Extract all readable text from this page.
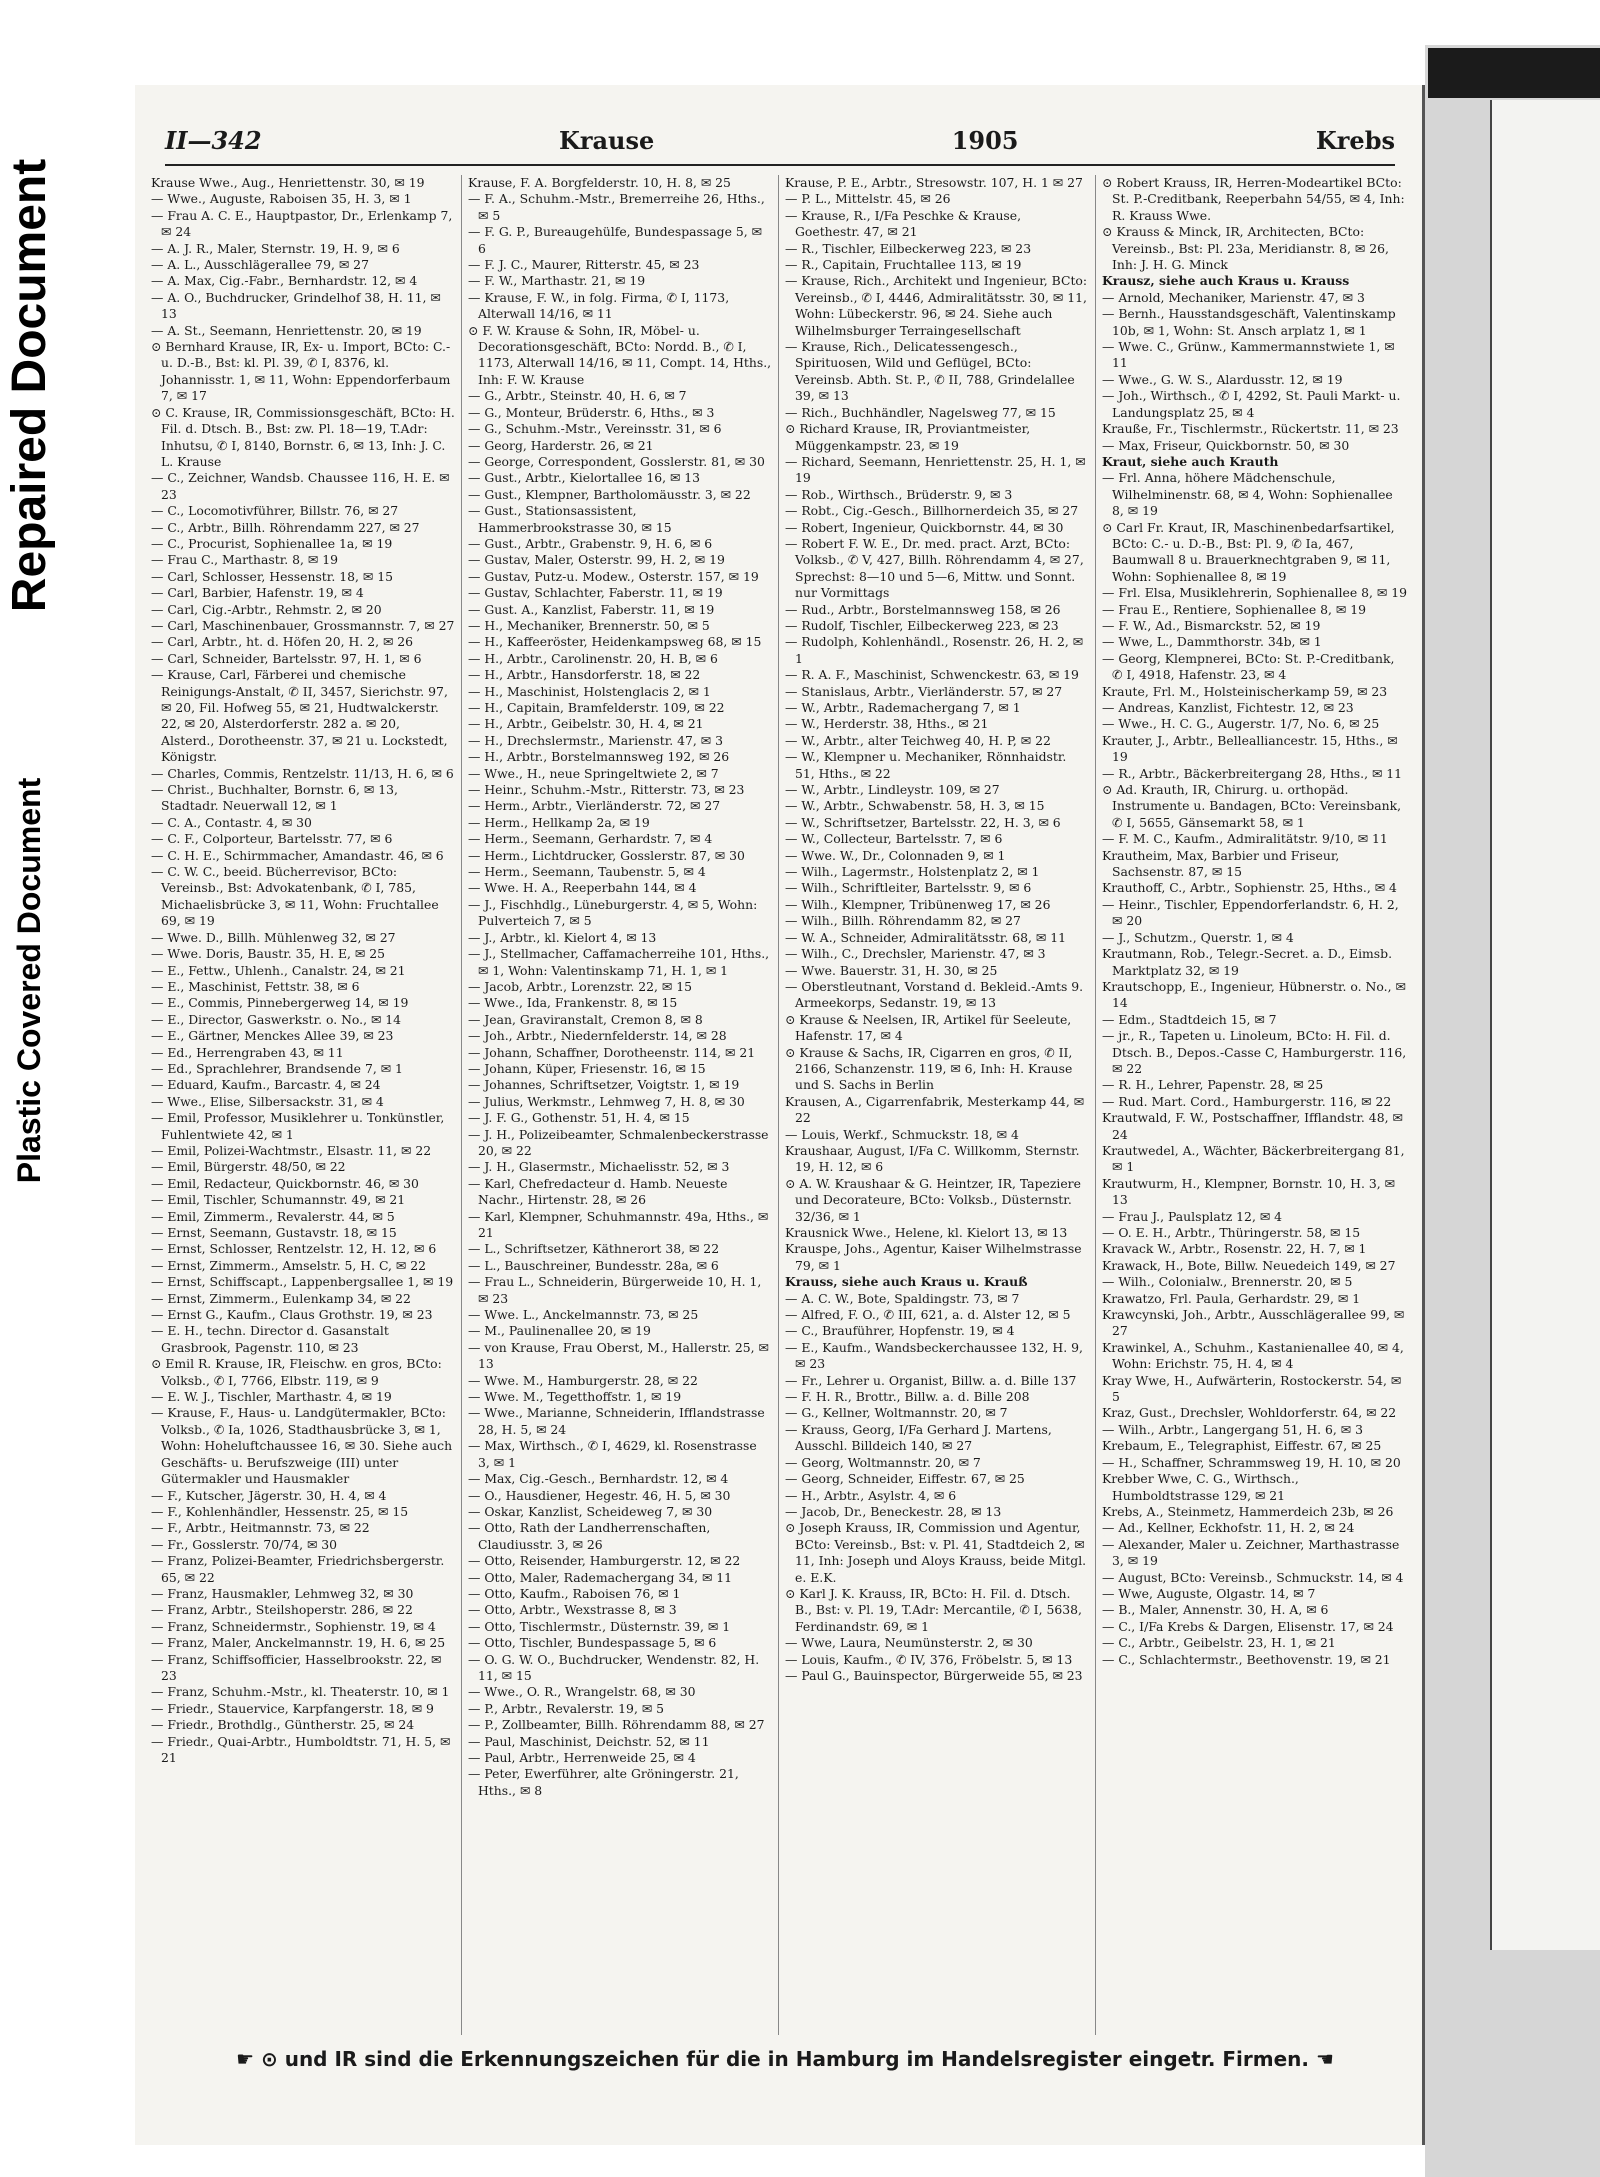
Repaired Document
Plastic Covered Document
II—342	Krause	1905	Krebs

Krause Wwe., Aug., Henriettenstr. 30, ✉ 19

— Wwe., Auguste, Raboisen 35, H. 3, ✉ 1

— Frau A. C. E., Hauptpastor, Dr., Erlenkamp 7, ✉ 24

— A. J. R., Maler, Sternstr. 19, H. 9, ✉ 6

— A. L., Ausschlägerallee 79, ✉ 27

— A. Max, Cig.-Fabr., Bernhardstr. 12, ✉ 4

— A. O., Buchdrucker, Grindelhof 38, H. 11, ✉ 13

— A. St., Seemann, Henriettenstr. 20, ✉ 19

⊙ Bernhard Krause, IR, Ex- u. Import, BCto: C.- u. D.-B., Bst: kl. Pl. 39, ✆ I, 8376, kl. Johannisstr. 1, ✉ 11, Wohn: Eppendorferbaum 7, ✉ 17

⊙ C. Krause, IR, Commissionsgeschäft, BCto: H. Fil. d. Dtsch. B., Bst: zw. Pl. 18—19, T.Adr: Inhutsu, ✆ I, 8140, Bornstr. 6, ✉ 13, Inh: J. C. L. Krause

— C., Zeichner, Wandsb. Chaussee 116, H. E. ✉ 23

— C., Locomotivführer, Billstr. 76, ✉ 27

— C., Arbtr., Billh. Röhrendamm 227, ✉ 27

— C., Procurist, Sophienallee 1a, ✉ 19

— Frau C., Marthastr. 8, ✉ 19

— Carl, Schlosser, Hessenstr. 18, ✉ 15

— Carl, Barbier, Hafenstr. 19, ✉ 4

— Carl, Cig.-Arbtr., Rehmstr. 2, ✉ 20

— Carl, Maschinenbauer, Grossmannstr. 7, ✉ 27

— Carl, Arbtr., ht. d. Höfen 20, H. 2, ✉ 26

— Carl, Schneider, Bartelsstr. 97, H. 1, ✉ 6

— Krause, Carl, Färberei und chemische Reinigungs-Anstalt, ✆ II, 3457, Sierichstr. 97, ✉ 20, Fil. Hofweg 55, ✉ 21, Hudtwalckerstr. 22, ✉ 20, Alsterdorferstr. 282 a. ✉ 20, Alsterd., Dorotheenstr. 37, ✉ 21 u. Lockstedt, Königstr.

— Charles, Commis, Rentzelstr. 11/13, H. 6, ✉ 6

— Christ., Buchhalter, Bornstr. 6, ✉ 13, Stadtadr. Neuerwall 12, ✉ 1

— C. A., Contastr. 4, ✉ 30

— C. F., Colporteur, Bartelsstr. 77, ✉ 6

— C. H. E., Schirmmacher, Amandastr. 46, ✉ 6

— C. W. C., beeid. Bücherrevisor, BCto: Vereinsb., Bst: Advokatenbank, ✆ I, 785, Michaelisbrücke 3, ✉ 11, Wohn: Fruchtallee 69, ✉ 19

— Wwe. D., Billh. Mühlenweg 32, ✉ 27

— Wwe. Doris, Baustr. 35, H. E, ✉ 25

— E., Fettw., Uhlenh., Canalstr. 24, ✉ 21

— E., Maschinist, Fettstr. 38, ✉ 6

— E., Commis, Pinnebergerweg 14, ✉ 19

— E., Director, Gaswerkstr. o. No., ✉ 14

— E., Gärtner, Menckes Allee 39, ✉ 23

— Ed., Herrengraben 43, ✉ 11

— Ed., Sprachlehrer, Brandsende 7, ✉ 1

— Eduard, Kaufm., Barcastr. 4, ✉ 24

— Wwe., Elise, Silbersackstr. 31, ✉ 4

— Emil, Professor, Musiklehrer u. Tonkünstler, Fuhlentwiete 42, ✉ 1

— Emil, Polizei-Wachtmstr., Elsastr. 11, ✉ 22

— Emil, Bürgerstr. 48/50, ✉ 22

— Emil, Redacteur, Quickbornstr. 46, ✉ 30

— Emil, Tischler, Schumannstr. 49, ✉ 21

— Emil, Zimmerm., Revalerstr. 44, ✉ 5

— Ernst, Seemann, Gustavstr. 18, ✉ 15

— Ernst, Schlosser, Rentzelstr. 12, H. 12, ✉ 6

— Ernst, Zimmerm., Amselstr. 5, H. C, ✉ 22

— Ernst, Schiffscapt., Lappenbergsallee 1, ✉ 19

— Ernst, Zimmerm., Eulenkamp 34, ✉ 22

— Ernst G., Kaufm., Claus Grothstr. 19, ✉ 23

— E. H., techn. Director d. Gasanstalt Grasbrook, Pagenstr. 110, ✉ 23

⊙ Emil R. Krause, IR, Fleischw. en gros, BCto: Volksb., ✆ I, 7766, Elbstr. 119, ✉ 9

— E. W. J., Tischler, Marthastr. 4, ✉ 19

— Krause, F., Haus- u. Landgütermakler, BCto: Volksb., ✆ Ia, 1026, Stadthausbrücke 3, ✉ 1, Wohn: Hoheluftchaussee 16, ✉ 30. Siehe auch Geschäfts- u. Berufszweige (III) unter Gütermakler und Hausmakler

— F., Kutscher, Jägerstr. 30, H. 4, ✉ 4

— F., Kohlenhändler, Hessenstr. 25, ✉ 15

— F., Arbtr., Heitmannstr. 73, ✉ 22

— Fr., Gosslerstr. 70/74, ✉ 30

— Franz, Polizei-Beamter, Friedrichsbergerstr. 65, ✉ 22

— Franz, Hausmakler, Lehmweg 32, ✉ 30

— Franz, Arbtr., Steilshoperstr. 286, ✉ 22

— Franz, Schneidermstr., Sophienstr. 19, ✉ 4

— Franz, Maler, Anckelmannstr. 19, H. 6, ✉ 25

— Franz, Schiffsofficier, Hasselbrookstr. 22, ✉ 23

— Franz, Schuhm.-Mstr., kl. Theaterstr. 10, ✉ 1

— Friedr., Stauervice, Karpfangerstr. 18, ✉ 9

— Friedr., Brothdlg., Güntherstr. 25, ✉ 24

— Friedr., Quai-Arbtr., Humboldtstr. 71, H. 5, ✉ 21

Krause, F. A. Borgfelderstr. 10, H. 8, ✉ 25

— F. A., Schuhm.-Mstr., Bremerreihe 26, Hths., ✉ 5

— F. G. P., Bureaugehülfe, Bundespassage 5, ✉ 6

— F. J. C., Maurer, Ritterstr. 45, ✉ 23

— F. W., Marthastr. 21, ✉ 19

— Krause, F. W., in folg. Firma, ✆ I, 1173, Alterwall 14/16, ✉ 11

⊙ F. W. Krause & Sohn, IR, Möbel- u. Decorationsgeschäft, BCto: Nordd. B., ✆ I, 1173, Alterwall 14/16, ✉ 11, Compt. 14, Hths., Inh: F. W. Krause

— G., Arbtr., Steinstr. 40, H. 6, ✉ 7

— G., Monteur, Brüderstr. 6, Hths., ✉ 3

— G., Schuhm.-Mstr., Vereinsstr. 31, ✉ 6

— Georg, Harderstr. 26, ✉ 21

— George, Correspondent, Gosslerstr. 81, ✉ 30

— Gust., Arbtr., Kielortallee 16, ✉ 13

— Gust., Klempner, Bartholomäusstr. 3, ✉ 22

— Gust., Stationsassistent, Hammerbrookstrasse 30, ✉ 15

— Gust., Arbtr., Grabenstr. 9, H. 6, ✉ 6

— Gustav, Maler, Osterstr. 99, H. 2, ✉ 19

— Gustav, Putz-u. Modew., Osterstr. 157, ✉ 19

— Gustav, Schlachter, Faberstr. 11, ✉ 19

— Gust. A., Kanzlist, Faberstr. 11, ✉ 19

— H., Mechaniker, Brennerstr. 50, ✉ 5

— H., Kaffeeröster, Heidenkampsweg 68, ✉ 15

— H., Arbtr., Carolinenstr. 20, H. B, ✉ 6

— H., Arbtr., Hansdorferstr. 18, ✉ 22

— H., Maschinist, Holstenglacis 2, ✉ 1

— H., Capitain, Bramfelderstr. 109, ✉ 22

— H., Arbtr., Geibelstr. 30, H. 4, ✉ 21

— H., Drechslermstr., Marienstr. 47, ✉ 3

— H., Arbtr., Borstelmannsweg 192, ✉ 26

— Wwe., H., neue Springeltwiete 2, ✉ 7

— Heinr., Schuhm.-Mstr., Ritterstr. 73, ✉ 23

— Herm., Arbtr., Vierländerstr. 72, ✉ 27

— Herm., Hellkamp 2a, ✉ 19

— Herm., Seemann, Gerhardstr. 7, ✉ 4

— Herm., Lichtdrucker, Gosslerstr. 87, ✉ 30

— Herm., Seemann, Taubenstr. 5, ✉ 4

— Wwe. H. A., Reeperbahn 144, ✉ 4

— J., Fischhdlg., Lüneburgerstr. 4, ✉ 5, Wohn: Pulverteich 7, ✉ 5

— J., Arbtr., kl. Kielort 4, ✉ 13

— J., Stellmacher, Caffamacherreihe 101, Hths., ✉ 1, Wohn: Valentinskamp 71, H. 1, ✉ 1

— Jacob, Arbtr., Lorenzstr. 22, ✉ 15

— Wwe., Ida, Frankenstr. 8, ✉ 15

— Jean, Graviranstalt, Cremon 8, ✉ 8

— Joh., Arbtr., Niedernfelderstr. 14, ✉ 28

— Johann, Schaffner, Dorotheenstr. 114, ✉ 21

— Johann, Küper, Friesenstr. 16, ✉ 15

— Johannes, Schriftsetzer, Voigtstr. 1, ✉ 19

— Julius, Werkmstr., Lehmweg 7, H. 8, ✉ 30

— J. F. G., Gothenstr. 51, H. 4, ✉ 15

— J. H., Polizeibeamter, Schmalenbeckerstrasse 20, ✉ 22

— J. H., Glasermstr., Michaelisstr. 52, ✉ 3

— Karl, Chefredacteur d. Hamb. Neueste Nachr., Hirtenstr. 28, ✉ 26

— Karl, Klempner, Schuhmannstr. 49a, Hths., ✉ 21

— L., Schriftsetzer, Käthnerort 38, ✉ 22

— L., Bauschreiner, Bundesstr. 28a, ✉ 6

— Frau L., Schneiderin, Bürgerweide 10, H. 1, ✉ 23

— Wwe. L., Anckelmannstr. 73, ✉ 25

— M., Paulinenallee 20, ✉ 19

— von Krause, Frau Oberst, M., Hallerstr. 25, ✉ 13

— Wwe. M., Hamburgerstr. 28, ✉ 22

— Wwe. M., Tegetthoffstr. 1, ✉ 19

— Wwe., Marianne, Schneiderin, Ifflandstrasse 28, H. 5, ✉ 24

— Max, Wirthsch., ✆ I, 4629, kl. Rosenstrasse 3, ✉ 1

— Max, Cig.-Gesch., Bernhardstr. 12, ✉ 4

— O., Hausdiener, Hegestr. 46, H. 5, ✉ 30

— Oskar, Kanzlist, Scheideweg 7, ✉ 30

— Otto, Rath der Landherrenschaften, Claudiusstr. 3, ✉ 26

— Otto, Reisender, Hamburgerstr. 12, ✉ 22

— Otto, Maler, Rademachergang 34, ✉ 11

— Otto, Kaufm., Raboisen 76, ✉ 1

— Otto, Arbtr., Wexstrasse 8, ✉ 3

— Otto, Tischlermstr., Düsternstr. 39, ✉ 1

— Otto, Tischler, Bundespassage 5, ✉ 6

— O. G. W. O., Buchdrucker, Wendenstr. 82, H. 11, ✉ 15

— Wwe., O. R., Wrangelstr. 68, ✉ 30

— P., Arbtr., Revalerstr. 19, ✉ 5

— P., Zollbeamter, Billh. Röhrendamm 88, ✉ 27

— Paul, Maschinist, Deichstr. 52, ✉ 11

— Paul, Arbtr., Herrenweide 25, ✉ 4

— Peter, Ewerführer, alte Gröningerstr. 21, Hths., ✉ 8

Krause, P. E., Arbtr., Stresowstr. 107, H. 1 ✉ 27

— P. L., Mittelstr. 45, ✉ 26

— Krause, R., I/Fa Peschke & Krause, Goethestr. 47, ✉ 21

— R., Tischler, Eilbeckerweg 223, ✉ 23

— R., Capitain, Fruchtallee 113, ✉ 19

— Krause, Rich., Architekt und Ingenieur, BCto: Vereinsb., ✆ I, 4446, Admiralitätsstr. 30, ✉ 11, Wohn: Lübeckerstr. 96, ✉ 24. Siehe auch Wilhelmsburger Terraingesellschaft

— Krause, Rich., Delicatessengesch., Spirituosen, Wild und Geflügel, BCto: Vereinsb. Abth. St. P., ✆ II, 788, Grindelallee 39, ✉ 13

— Rich., Buchhändler, Nagelsweg 77, ✉ 15

⊙ Richard Krause, IR, Proviantmeister, Müggenkampstr. 23, ✉ 19

— Richard, Seemann, Henriettenstr. 25, H. 1, ✉ 19

— Rob., Wirthsch., Brüderstr. 9, ✉ 3

— Robt., Cig.-Gesch., Billhornerdeich 35, ✉ 27

— Robert, Ingenieur, Quickbornstr. 44, ✉ 30

— Robert F. W. E., Dr. med. pract. Arzt, BCto: Volksb., ✆ V, 427, Billh. Röhrendamm 4, ✉ 27, Sprechst: 8—10 und 5—6, Mittw. und Sonnt. nur Vormittags

— Rud., Arbtr., Borstelmannsweg 158, ✉ 26

— Rudolf, Tischler, Eilbeckerweg 223, ✉ 23

— Rudolph, Kohlenhändl., Rosenstr. 26, H. 2, ✉ 1

— R. A. F., Maschinist, Schwenckestr. 63, ✉ 19

— Stanislaus, Arbtr., Vierländerstr. 57, ✉ 27

— W., Arbtr., Rademachergang 7, ✉ 1

— W., Herderstr. 38, Hths., ✉ 21

— W., Arbtr., alter Teichweg 40, H. P, ✉ 22

— W., Klempner u. Mechaniker, Rönnhaidstr. 51, Hths., ✉ 22

— W., Arbtr., Lindleystr. 109, ✉ 27

— W., Arbtr., Schwabenstr. 58, H. 3, ✉ 15

— W., Schriftsetzer, Bartelsstr. 22, H. 3, ✉ 6

— W., Collecteur, Bartelsstr. 7, ✉ 6

— Wwe. W., Dr., Colonnaden 9, ✉ 1

— Wilh., Lagermstr., Holstenplatz 2, ✉ 1

— Wilh., Schriftleiter, Bartelsstr. 9, ✉ 6

— Wilh., Klempner, Tribünenweg 17, ✉ 26

— Wilh., Billh. Röhrendamm 82, ✉ 27

— W. A., Schneider, Admiralitätsstr. 68, ✉ 11

— Wilh., C., Drechsler, Marienstr. 47, ✉ 3

— Wwe. Bauerstr. 31, H. 30, ✉ 25

— Oberstleutnant, Vorstand d. Bekleid.-Amts 9. Armeekorps, Sedanstr. 19, ✉ 13

⊙ Krause & Neelsen, IR, Artikel für Seeleute, Hafenstr. 17, ✉ 4

⊙ Krause & Sachs, IR, Cigarren en gros, ✆ II, 2166, Schanzenstr. 119, ✉ 6, Inh: H. Krause und S. Sachs in Berlin

Krausen, A., Cigarrenfabrik, Mesterkamp 44, ✉ 22

— Louis, Werkf., Schmuckstr. 18, ✉ 4

Kraushaar, August, I/Fa C. Willkomm, Sternstr. 19, H. 12, ✉ 6

⊙ A. W. Kraushaar & G. Heintzer, IR, Tapeziere und Decorateure, BCto: Volksb., Düsternstr. 32/36, ✉ 1

Krausnick Wwe., Helene, kl. Kielort 13, ✉ 13

Krauspe, Johs., Agentur, Kaiser Wilhelmstrasse 79, ✉ 1

Krauss, siehe auch Kraus u. Krauß

— A. C. W., Bote, Spaldingstr. 73, ✉ 7

— Alfred, F. O., ✆ III, 621, a. d. Alster 12, ✉ 5

— C., Brauführer, Hopfenstr. 19, ✉ 4

— E., Kaufm., Wandsbeckerchaussee 132, H. 9, ✉ 23

— Fr., Lehrer u. Organist, Billw. a. d. Bille 137

— F. H. R., Brottr., Billw. a. d. Bille 208

— G., Kellner, Woltmannstr. 20, ✉ 7

— Krauss, Georg, I/Fa Gerhard J. Martens, Ausschl. Billdeich 140, ✉ 27

— Georg, Woltmannstr. 20, ✉ 7

— Georg, Schneider, Eiffestr. 67, ✉ 25

— H., Arbtr., Asylstr. 4, ✉ 6

— Jacob, Dr., Beneckestr. 28, ✉ 13

⊙ Joseph Krauss, IR, Commission und Agentur, BCto: Vereinsb., Bst: v. Pl. 41, Stadtdeich 2, ✉ 11, Inh: Joseph und Aloys Krauss, beide Mitgl. e. E.K.

⊙ Karl J. K. Krauss, IR, BCto: H. Fil. d. Dtsch. B., Bst: v. Pl. 19, T.Adr: Mercantile, ✆ I, 5638, Ferdinandstr. 69, ✉ 1

— Wwe, Laura, Neumünsterstr. 2, ✉ 30

— Louis, Kaufm., ✆ IV, 376, Fröbelstr. 5, ✉ 13

— Paul G., Bauinspector, Bürgerweide 55, ✉ 23

⊙ Robert Krauss, IR, Herren-Modeartikel BCto: St. P.-Creditbank, Reeperbahn 54/55, ✉ 4, Inh: R. Krauss Wwe.

⊙ Krauss & Minck, IR, Architecten, BCto: Vereinsb., Bst: Pl. 23a, Meridianstr. 8, ✉ 26, Inh: J. H. G. Minck

Krausz, siehe auch Kraus u. Krauss

— Arnold, Mechaniker, Marienstr. 47, ✉ 3

— Bernh., Hausstandsgeschäft, Valentinskamp 10b, ✉ 1, Wohn: St. Ansch arplatz 1, ✉ 1

— Wwe. C., Grünw., Kammermannstwiete 1, ✉ 11

— Wwe., G. W. S., Alardusstr. 12, ✉ 19

— Joh., Wirthsch., ✆ I, 4292, St. Pauli Markt- u. Landungsplatz 25, ✉ 4

Krauße, Fr., Tischlermstr., Rückertstr. 11, ✉ 23

— Max, Friseur, Quickbornstr. 50, ✉ 30

Kraut, siehe auch Krauth

— Frl. Anna, höhere Mädchenschule, Wilhelminenstr. 68, ✉ 4, Wohn: Sophienallee 8, ✉ 19

⊙ Carl Fr. Kraut, IR, Maschinenbedarfsartikel, BCto: C.- u. D.-B., Bst: Pl. 9, ✆ Ia, 467, Baumwall 8 u. Brauerknechtgraben 9, ✉ 11, Wohn: Sophienallee 8, ✉ 19

— Frl. Elsa, Musiklehrerin, Sophienallee 8, ✉ 19

— Frau E., Rentiere, Sophienallee 8, ✉ 19

— F. W., Ad., Bismarckstr. 52, ✉ 19

— Wwe, L., Dammthorstr. 34b, ✉ 1

— Georg, Klempnerei, BCto: St. P.-Creditbank, ✆ I, 4918, Hafenstr. 23, ✉ 4

Kraute, Frl. M., Holsteinischerkamp 59, ✉ 23

— Andreas, Kanzlist, Fichtestr. 12, ✉ 23

— Wwe., H. C. G., Augerstr. 1/7, No. 6, ✉ 25

Krauter, J., Arbtr., Bellealliancestr. 15, Hths., ✉ 19

— R., Arbtr., Bäckerbreitergang 28, Hths., ✉ 11

⊙ Ad. Krauth, IR, Chirurg. u. orthopäd. Instrumente u. Bandagen, BCto: Vereinsbank, ✆ I, 5655, Gänsemarkt 58, ✉ 1

— F. M. C., Kaufm., Admiralitätstr. 9/10, ✉ 11

Krautheim, Max, Barbier und Friseur, Sachsenstr. 87, ✉ 15

Krauthoff, C., Arbtr., Sophienstr. 25, Hths., ✉ 4

— Heinr., Tischler, Eppendorferlandstr. 6, H. 2, ✉ 20

— J., Schutzm., Querstr. 1, ✉ 4

Krautmann, Rob., Telegr.-Secret. a. D., Eimsb. Marktplatz 32, ✉ 19

Krautschopp, E., Ingenieur, Hübnerstr. o. No., ✉ 14

— Edm., Stadtdeich 15, ✉ 7

— jr., R., Tapeten u. Linoleum, BCto: H. Fil. d. Dtsch. B., Depos.-Casse C, Hamburgerstr. 116, ✉ 22

— R. H., Lehrer, Papenstr. 28, ✉ 25

— Rud. Mart. Cord., Hamburgerstr. 116, ✉ 22

Krautwald, F. W., Postschaffner, Ifflandstr. 48, ✉ 24

Krautwedel, A., Wächter, Bäckerbreitergang 81, ✉ 1

Krautwurm, H., Klempner, Bornstr. 10, H. 3, ✉ 13

— Frau J., Paulsplatz 12, ✉ 4

— O. E. H., Arbtr., Thüringerstr. 58, ✉ 15

Kravack W., Arbtr., Rosenstr. 22, H. 7, ✉ 1

Krawack, H., Bote, Billw. Neuedeich 149, ✉ 27

— Wilh., Colonialw., Brennerstr. 20, ✉ 5

Krawatzo, Frl. Paula, Gerhardstr. 29, ✉ 1

Krawcynski, Joh., Arbtr., Ausschlägerallee 99, ✉ 27

Krawinkel, A., Schuhm., Kastanienallee 40, ✉ 4, Wohn: Erichstr. 75, H. 4, ✉ 4

Kray Wwe, H., Aufwärterin, Rostockerstr. 54, ✉ 5

Kraz, Gust., Drechsler, Wohldorferstr. 64, ✉ 22

— Wilh., Arbtr., Langergang 51, H. 6, ✉ 3

Krebaum, E., Telegraphist, Eiffestr. 67, ✉ 25

— H., Schaffner, Schrammsweg 19, H. 10, ✉ 20

Krebber Wwe, C. G., Wirthsch., Humboldtstrasse 129, ✉ 21

Krebs, A., Steinmetz, Hammerdeich 23b, ✉ 26

— Ad., Kellner, Eckhofstr. 11, H. 2, ✉ 24

— Alexander, Maler u. Zeichner, Marthastrasse 3, ✉ 19

— August, BCto: Vereinsb., Schmuckstr. 14, ✉ 4

— Wwe, Auguste, Olgastr. 14, ✉ 7

— B., Maler, Annenstr. 30, H. A, ✉ 6

— C., I/Fa Krebs & Dargen, Elisenstr. 17, ✉ 24

— C., Arbtr., Geibelstr. 23, H. 1, ✉ 21

— C., Schlachtermstr., Beethovenstr. 19, ✉ 21

☛ ⊙ und IR sind die Erkennungszeichen für die in Hamburg im Handelsregister eingetr. Firmen. ☚
